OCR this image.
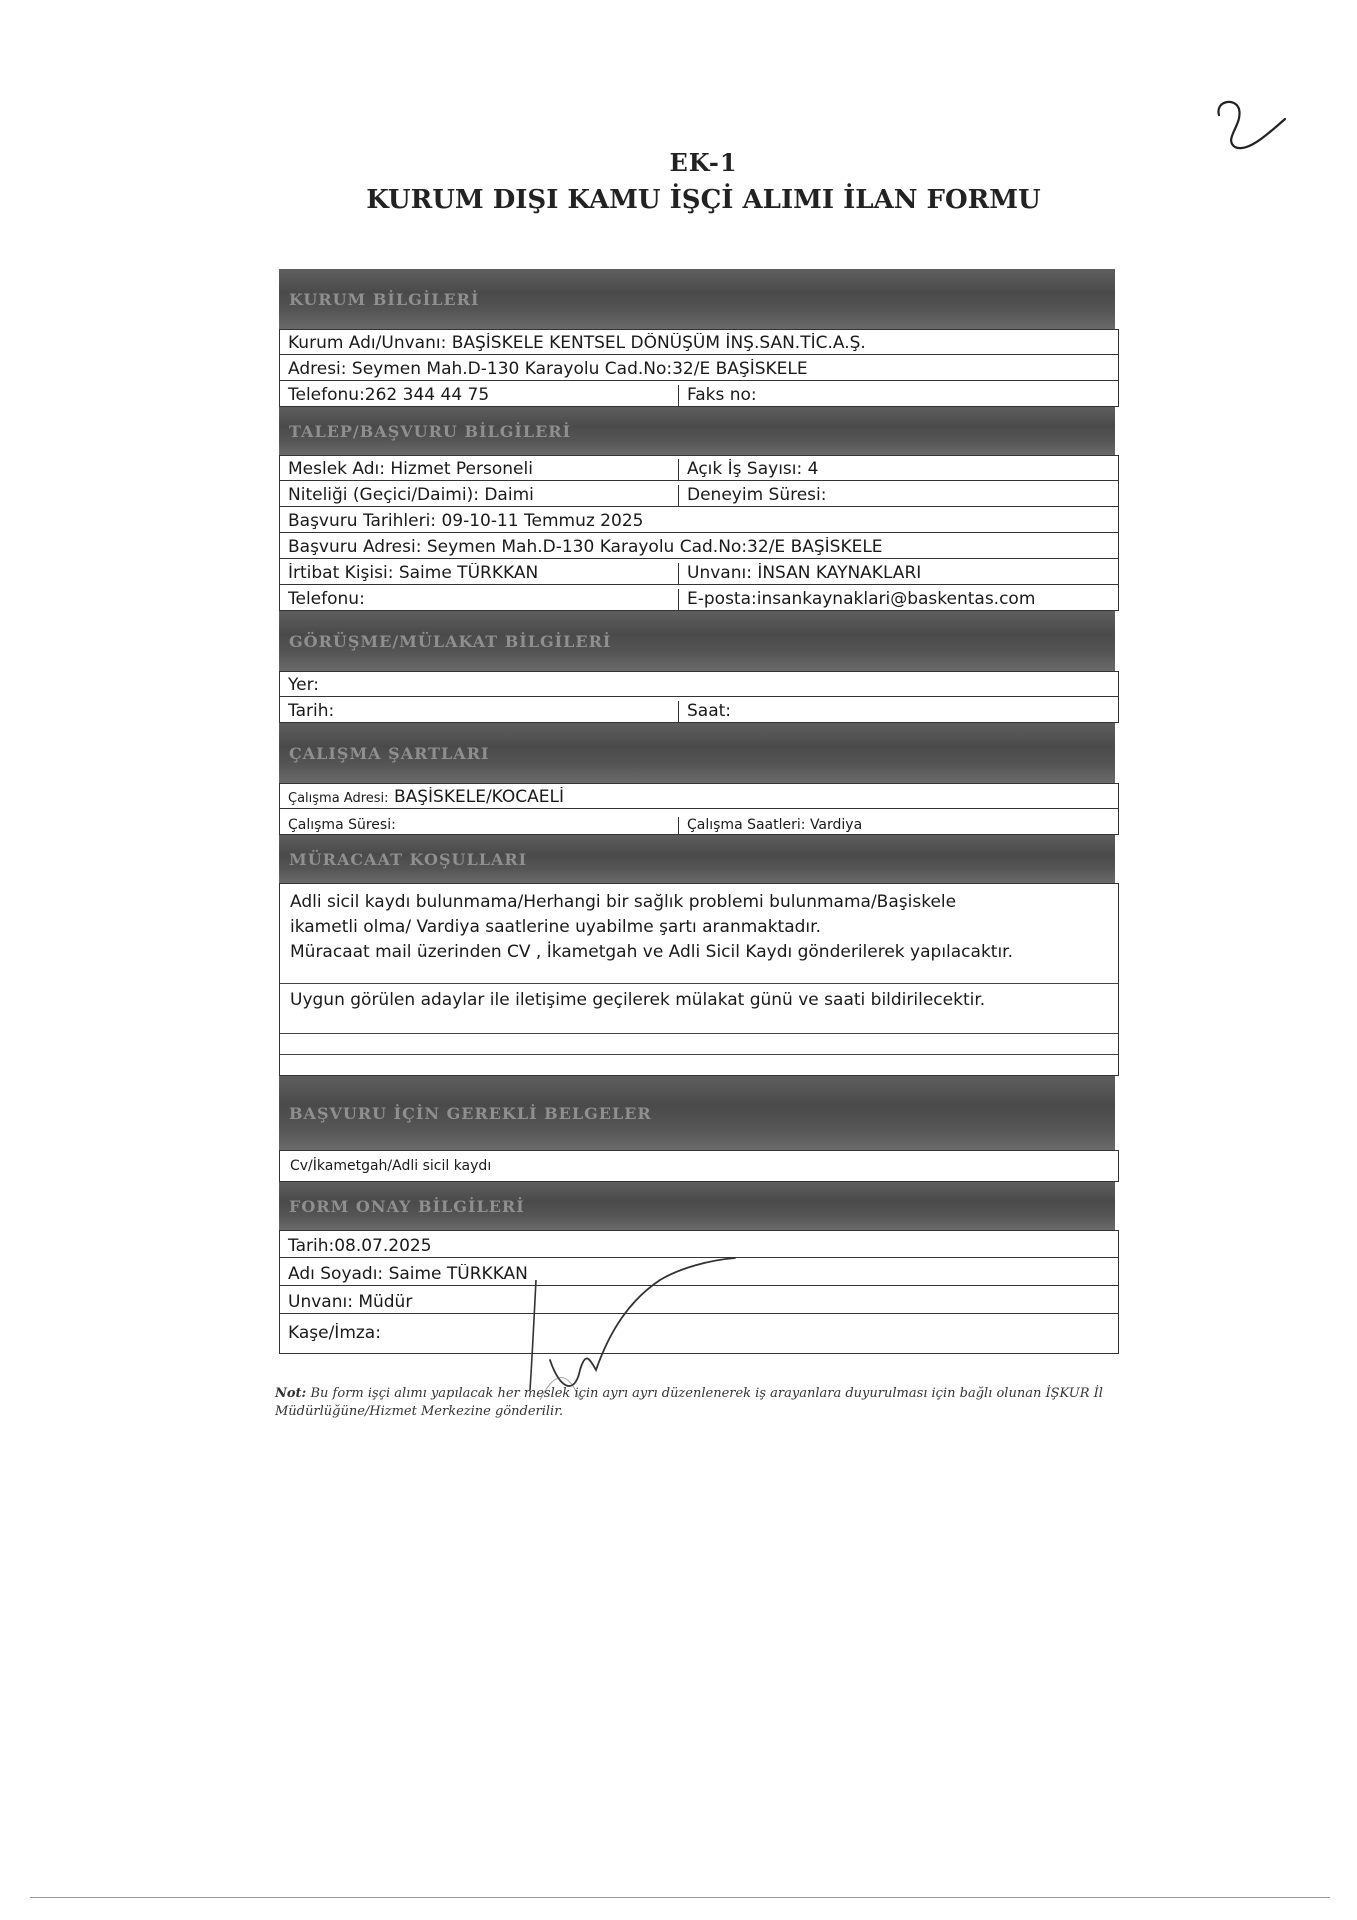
EK-1
KURUM DIŞI KAMU İŞÇİ ALIMI İLAN FORMU
KURUM BİLGİLERİ
Kurum Adı/Unvanı: BAŞİSKELE KENTSEL DÖNÜŞÜM İNŞ.SAN.TİC.A.Ş.
Adresi: Seymen Mah.D-130 Karayolu Cad.No:32/E BAŞİSKELE
Telefonu:262 344 44 75	Faks no:
TALEP/BAŞVURU BİLGİLERİ
Meslek Adı: Hizmet Personeli	Açık İş Sayısı: 4
Niteliği (Geçici/Daimi): Daimi	Deneyim Süresi:
Başvuru Tarihleri: 09-10-11 Temmuz 2025
Başvuru Adresi: Seymen Mah.D-130 Karayolu Cad.No:32/E BAŞİSKELE
İrtibat Kişisi: Saime TÜRKKAN	Unvanı: İNSAN KAYNAKLARI
Telefonu:	E-posta:insankaynaklari@baskentas.com
GÖRÜŞME/MÜLAKAT BİLGİLERİ
Yer:
Tarih:	Saat:
ÇALIŞMA ŞARTLARI
Çalışma Adresi: BAŞİSKELE/KOCAELİ
Çalışma Süresi:	Çalışma Saatleri: Vardiya
MÜRACAAT KOŞULLARI
Adli sicil kaydı bulunmama/Herhangi bir sağlık problemi bulunmama/Başiskele
ikametli olma/ Vardiya saatlerine uyabilme şartı aranmaktadır.
Müracaat mail üzerinden CV , İkametgah ve Adli Sicil Kaydı gönderilerek yapılacaktır.
Uygun görülen adaylar ile iletişime geçilerek mülakat günü ve saati bildirilecektir.
BAŞVURU İÇİN GEREKLİ BELGELER
Cv/İkametgah/Adli sicil kaydı
FORM ONAY BİLGİLERİ
Tarih:08.07.2025
Adı Soyadı: Saime TÜRKKAN
Unvanı: Müdür
Kaşe/İmza:
Not: Bu form işçi alımı yapılacak her meslek için ayrı ayrı düzenlenerek iş arayanlara duyurulması için bağlı olunan İŞKUR İl Müdürlüğüne/Hizmet Merkezine gönderilir.
